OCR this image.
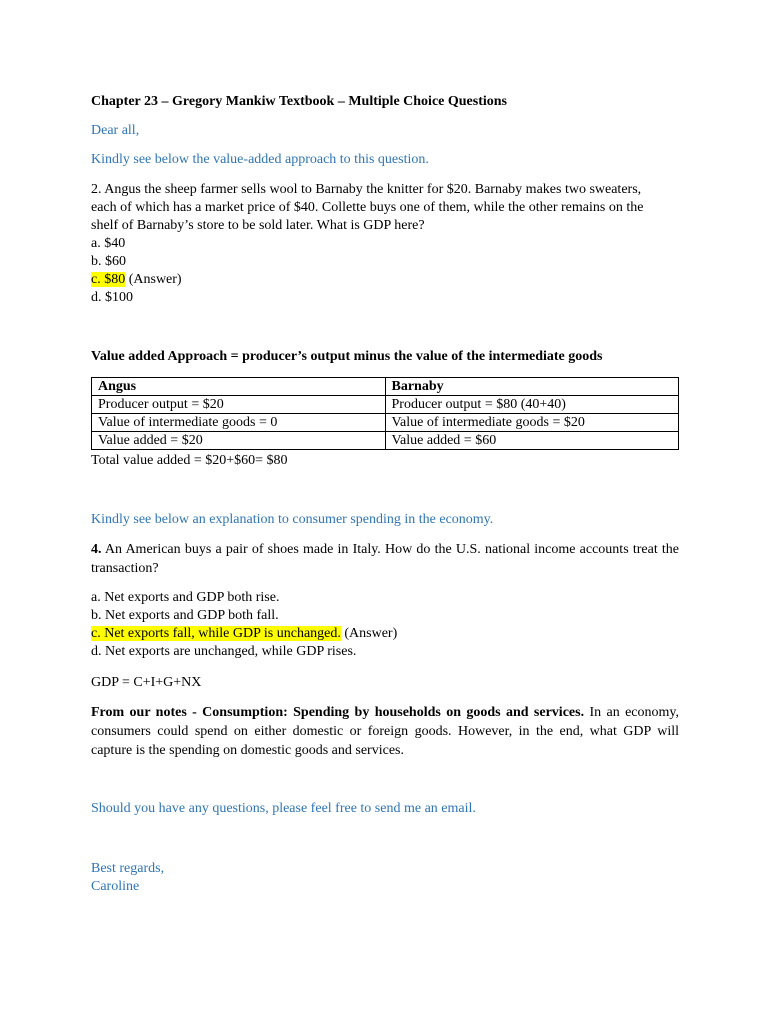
Chapter 23 – Gregory Mankiw Textbook – Multiple Choice Questions

Dear all,

Kindly see below the value-added approach to this question.

2. Angus the sheep farmer sells wool to Barnaby the knitter for $20. Barnaby makes two sweaters,
each of which has a market price of $40. Collette buys one of them, while the other remains on the
shelf of Barnaby’s store to be sold later. What is GDP here?
a. $40
b. $60
c. $80 (Answer)
d. $100

Value added Approach = producer’s output minus the value of the intermediate goods

Angus	Barnaby
Producer output = $20	Producer output = $80 (40+40)
Value of intermediate goods = 0	Value of intermediate goods = $20
Value added = $20	Value added = $60

Total value added = $20+$60= $80

Kindly see below an explanation to consumer spending in the economy.

4. An American buys a pair of shoes made in Italy. How do the U.S. national income accounts treat the transaction?

a. Net exports and GDP both rise.
b. Net exports and GDP both fall.
c. Net exports fall, while GDP is unchanged. (Answer)
d. Net exports are unchanged, while GDP rises.

GDP = C+I+G+NX

From our notes - Consumption: Spending by households on goods and services. In an economy, consumers could spend on either domestic or foreign goods. However, in the end, what GDP will capture is the spending on domestic goods and services.

Should you have any questions, please feel free to send me an email.

Best regards,
Caroline
